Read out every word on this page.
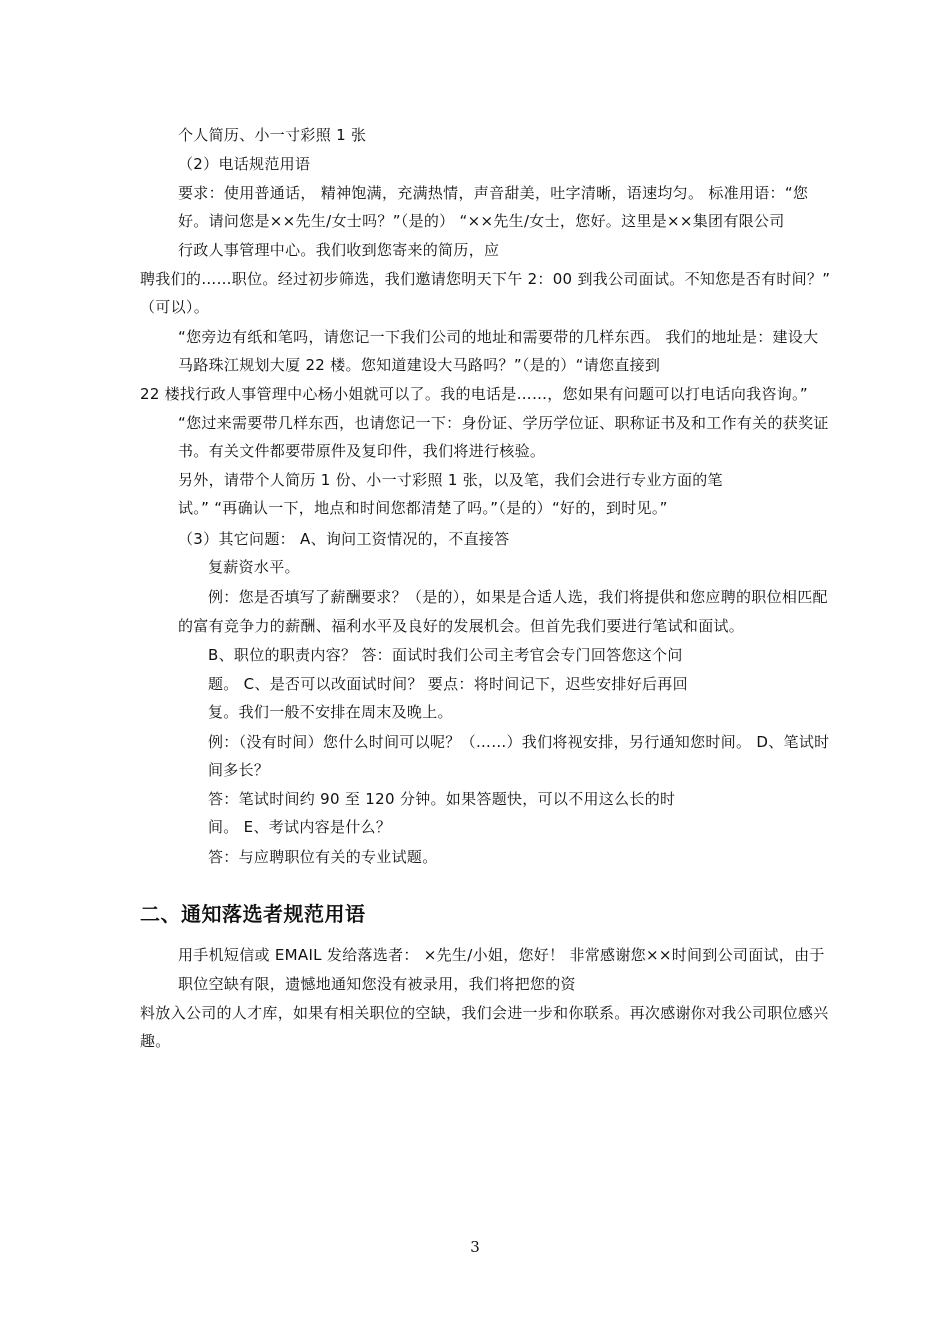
个人简历、小一寸彩照 1 张
（2）电话规范用语
要求：使用普通话， 精神饱满，充满热情，声音甜美，吐字清晰，语速均匀。 标准用语：“您
好。请问您是××先生/女士吗？”（是的） “××先生/女士，您好。这里是××集团有限公司
行政人事管理中心。我们收到您寄来的简历，应
聘我们的……职位。经过初步筛选，我们邀请您明天下午 2：00 到我公司面试。不知您是否有时间？”
（可以）。
“您旁边有纸和笔吗，请您记一下我们公司的地址和需要带的几样东西。 我们的地址是：建设大
马路珠江规划大厦 22 楼。您知道建设大马路吗？”（是的）“请您直接到
22 楼找行政人事管理中心杨小姐就可以了。我的电话是……，您如果有问题可以打电话向我咨询。”
“您过来需要带几样东西，也请您记一下：身份证、学历学位证、职称证书及和工作有关的获奖证
书。有关文件都要带原件及复印件，我们将进行核验。
另外，请带个人简历 1 份、小一寸彩照 1 张，以及笔，我们会进行专业方面的笔
试。” “再确认一下，地点和时间您都清楚了吗。”（是的）“好的，到时见。”
（3）其它问题： A、询问工资情况的，不直接答
复薪资水平。
例：您是否填写了薪酬要求？（是的），如果是合适人选，我们将提供和您应聘的职位相匹配
的富有竞争力的薪酬、福利水平及良好的发展机会。但首先我们要进行笔试和面试。
B、职位的职责内容？ 答：面试时我们公司主考官会专门回答您这个问
题。 C、是否可以改面试时间？ 要点：将时间记下，迟些安排好后再回
复。我们一般不安排在周末及晚上。
例：（没有时间）您什么时间可以呢？（……）我们将视安排，另行通知您时间。 D、笔试时
间多长？
答：笔试时间约 90 至 120 分钟。如果答题快，可以不用这么长的时
间。 E、考试内容是什么？
答：与应聘职位有关的专业试题。
二、通知落选者规范用语
用手机短信或 EMAIL 发给落选者： ×先生/小姐，您好！ 非常感谢您××时间到公司面试，由于
职位空缺有限，遗憾地通知您没有被录用，我们将把您的资
料放入公司的人才库，如果有相关职位的空缺，我们会进一步和你联系。再次感谢你对我公司职位感兴
趣。
3
